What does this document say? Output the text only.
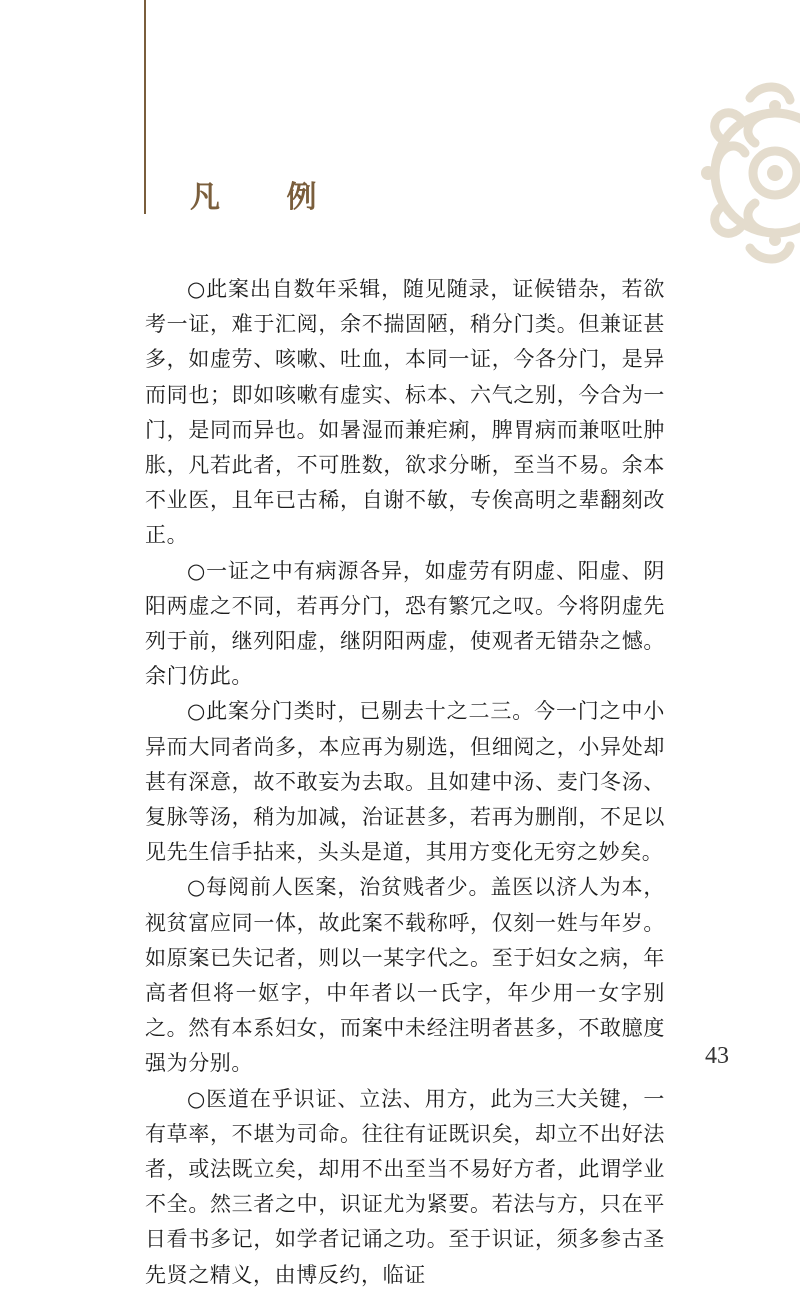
凡 例

○此案出自数年采辑，随见随录，证候错杂，若欲考一证，难于汇阅，余不揣固陋，稍分门类。但兼证甚多，如虚劳、咳嗽、吐血，本同一证，今各分门，是异而同也；即如咳嗽有虚实、标本、六气之别，今合为一门，是同而异也。如暑湿而兼疟痢，脾胃病而兼呕吐肿胀，凡若此者，不可胜数，欲求分晰，至当不易。余本不业医，且年已古稀，自谢不敏，专俟高明之辈翻刻改正。

○一证之中有病源各异，如虚劳有阴虚、阳虚、阴阳两虚之不同，若再分门，恐有繁冗之叹。今将阴虚先列于前，继列阳虚，继阴阳两虚，使观者无错杂之憾。余门仿此。

○此案分门类时，已剔去十之二三。今一门之中小异而大同者尚多，本应再为剔选，但细阅之，小异处却甚有深意，故不敢妄为去取。且如建中汤、麦门冬汤、复脉等汤，稍为加减，治证甚多，若再为删削，不足以见先生信手拈来，头头是道，其用方变化无穷之妙矣。

○每阅前人医案，治贫贱者少。盖医以济人为本，视贫富应同一体，故此案不载称呼，仅刻一姓与年岁。如原案已失记者，则以一某字代之。至于妇女之病，年高者但将一妪字，中年者以一氏字，年少用一女字别之。然有本系妇女，而案中未经注明者甚多，不敢臆度强为分别。

○医道在乎识证、立法、用方，此为三大关键，一有草率，不堪为司命。往往有证既识矣，却立不出好法者，或法既立矣，却用不出至当不易好方者，此谓学业不全。然三者之中，识证尤为紧要。若法与方，只在平日看书多记，如学者记诵之功。至于识证，须多参古圣先贤之精义，由博反约，临证

43
